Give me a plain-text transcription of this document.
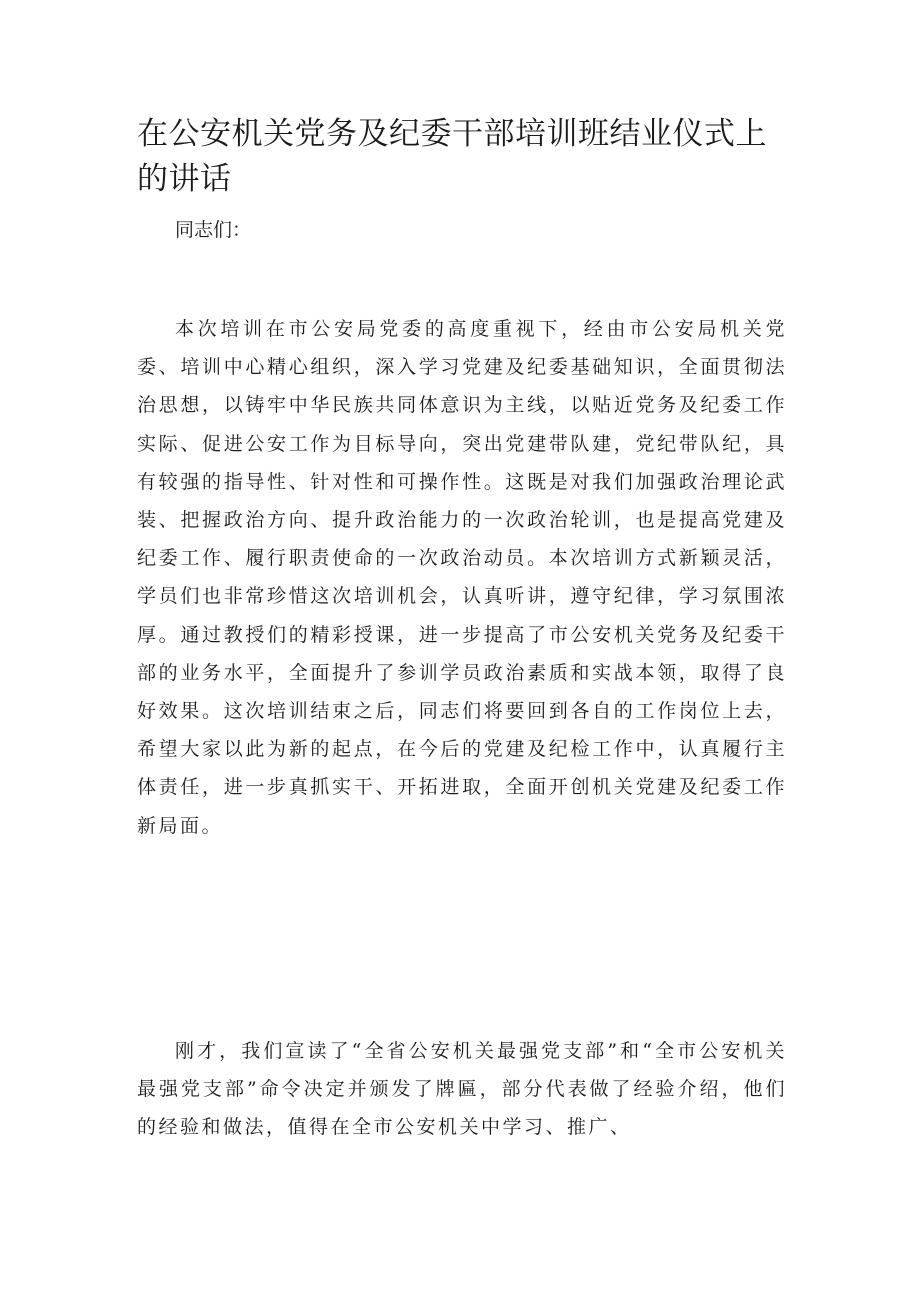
在公安机关党务及纪委干部培训班结业仪式上的讲话

同志们：

本次培训在市公安局党委的高度重视下，经由市公安局机关党委、培训中心精心组织，深入学习党建及纪委基础知识，全面贯彻法治思想，以铸牢中华民族共同体意识为主线，以贴近党务及纪委工作实际、促进公安工作为目标导向，突出党建带队建，党纪带队纪，具有较强的指导性、针对性和可操作性。这既是对我们加强政治理论武装、把握政治方向、提升政治能力的一次政治轮训，也是提高党建及纪委工作、履行职责使命的一次政治动员。本次培训方式新颖灵活，学员们也非常珍惜这次培训机会，认真听讲，遵守纪律，学习氛围浓厚。通过教授们的精彩授课，进一步提高了市公安机关党务及纪委干部的业务水平，全面提升了参训学员政治素质和实战本领，取得了良好效果。这次培训结束之后，同志们将要回到各自的工作岗位上去，希望大家以此为新的起点，在今后的党建及纪检工作中，认真履行主体责任，进一步真抓实干、开拓进取，全面开创机关党建及纪委工作新局面。

刚才，我们宣读了“全省公安机关最强党支部”和“全市公安机关最强党支部”命令决定并颁发了牌匾，部分代表做了经验介绍，他们的经验和做法，值得在全市公安机关中学习、推广、
